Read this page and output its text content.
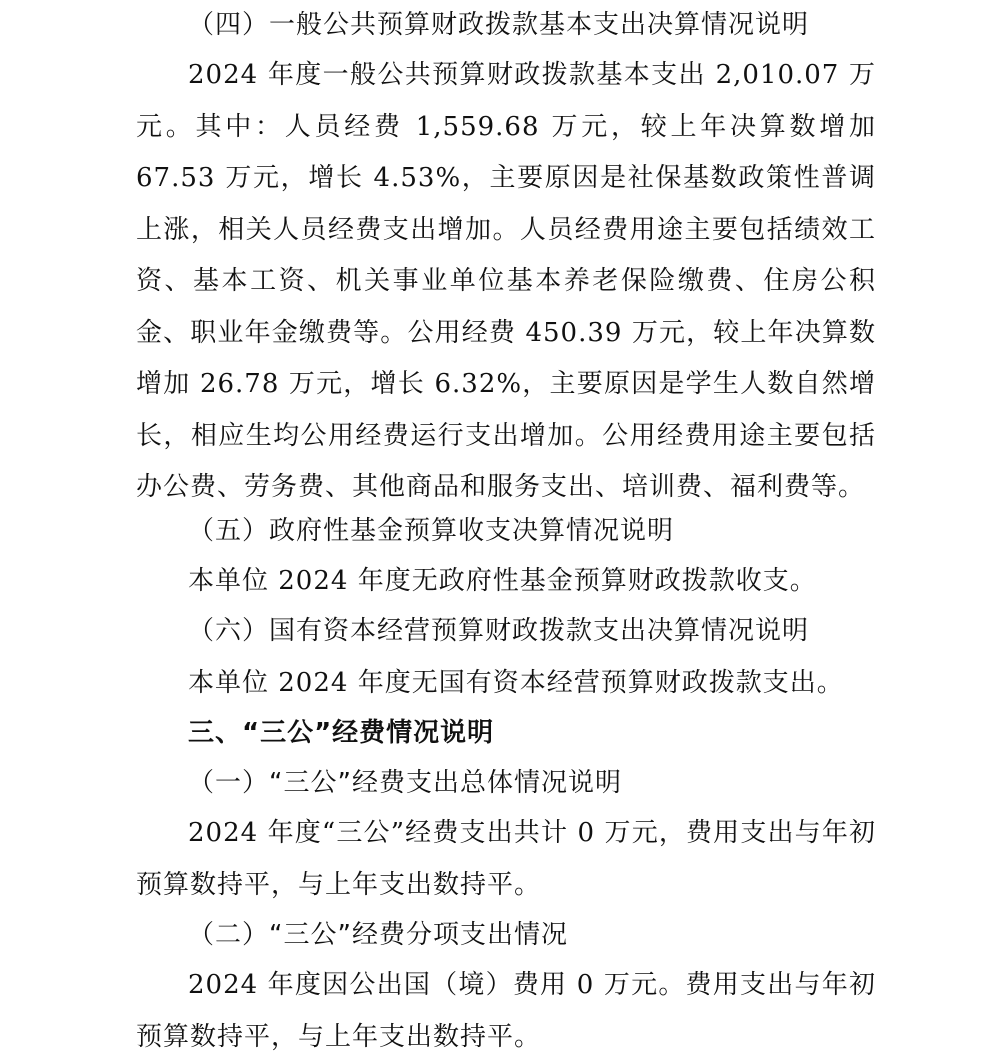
（四）一般公共预算财政拨款基本支出决算情况说明
2024 年度一般公共预算财政拨款基本支出 2,010.07 万元。其中：人员经费 1,559.68 万元，较上年决算数增加 67.53 万元，增长 4.53%，主要原因是社保基数政策性普调上涨，相关人员经费支出增加。人员经费用途主要包括绩效工资、基本工资、机关事业单位基本养老保险缴费、住房公积金、职业年金缴费等。公用经费 450.39 万元，较上年决算数增加 26.78 万元，增长 6.32%，主要原因是学生人数自然增长，相应生均公用经费运行支出增加。公用经费用途主要包括办公费、劳务费、其他商品和服务支出、培训费、福利费等。
（五）政府性基金预算收支决算情况说明
本单位 2024 年度无政府性基金预算财政拨款收支。
（六）国有资本经营预算财政拨款支出决算情况说明
本单位 2024 年度无国有资本经营预算财政拨款支出。
三、“三公”经费情况说明
（一）“三公”经费支出总体情况说明
2024 年度“三公”经费支出共计 0 万元，费用支出与年初预算数持平，与上年支出数持平。
（二）“三公”经费分项支出情况
2024 年度因公出国（境）费用 0 万元。费用支出与年初预算数持平，与上年支出数持平。
